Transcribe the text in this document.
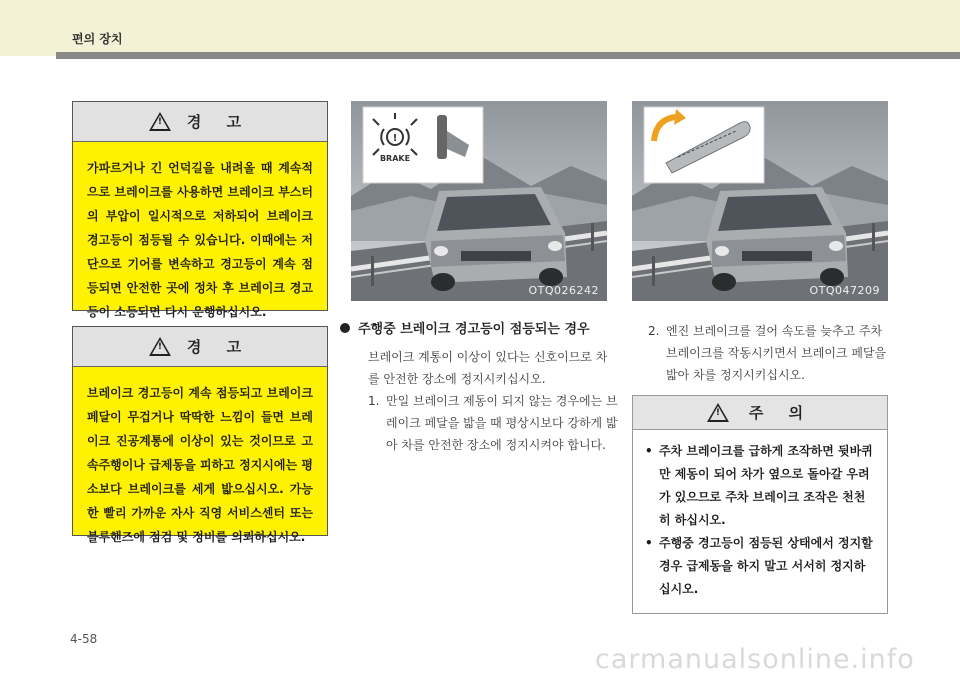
편의 장치
! 경 고
가파르거나 긴 언덕길을 내려올 때 계속적으로 브레이크를 사용하면 브레이크 부스터의 부압이 일시적으로 저하되어 브레이크 경고등이 점등될 수 있습니다. 이때에는 저단으로 기어를 변속하고 경고등이 계속 점등되면 안전한 곳에 정차 후 브레이크 경고등이 소등되면 다시 운행하십시오.
! 경 고
브레이크 경고등이 계속 점등되고 브레이크 페달이 무겁거나 딱딱한 느낌이 들면 브레이크 진공계통에 이상이 있는 것이므로 고속주행이나 급제동을 피하고 정지시에는 평소보다 브레이크를 세게 밟으십시오. 가능한 빨리 가까운 자사 직영 서비스센터 또는 블루핸즈에 점검 및 정비를 의뢰하십시오.
!
BRAKE
OTQ026242	OTQ047209
주행중 브레이크 경고등이 점등되는 경우
브레이크 계통이 이상이 있다는 신호이므로 차를 안전한 장소에 정지시키십시오.
1. 만일 브레이크 제동이 되지 않는 경우에는 브레이크 페달을 밟을 때 평상시보다 강하게 밟아 차를 안전한 장소에 정지시켜야 합니다.
2. 엔진 브레이크를 걸어 속도를 늦추고 주차 브레이크를 작동시키면서 브레이크 페달을 밟아 차를 정지시키십시오.
! 주 의
• 주차 브레이크를 급하게 조작하면 뒷바퀴만 제동이 되어 차가 옆으로 돌아갈 우려가 있으므로 주차 브레이크 조작은 천천히 하십시오.
• 주행중 경고등이 점등된 상태에서 정지할 경우 급제동을 하지 말고 서서히 정지하십시오.
4-58
carmanualsonline.info
